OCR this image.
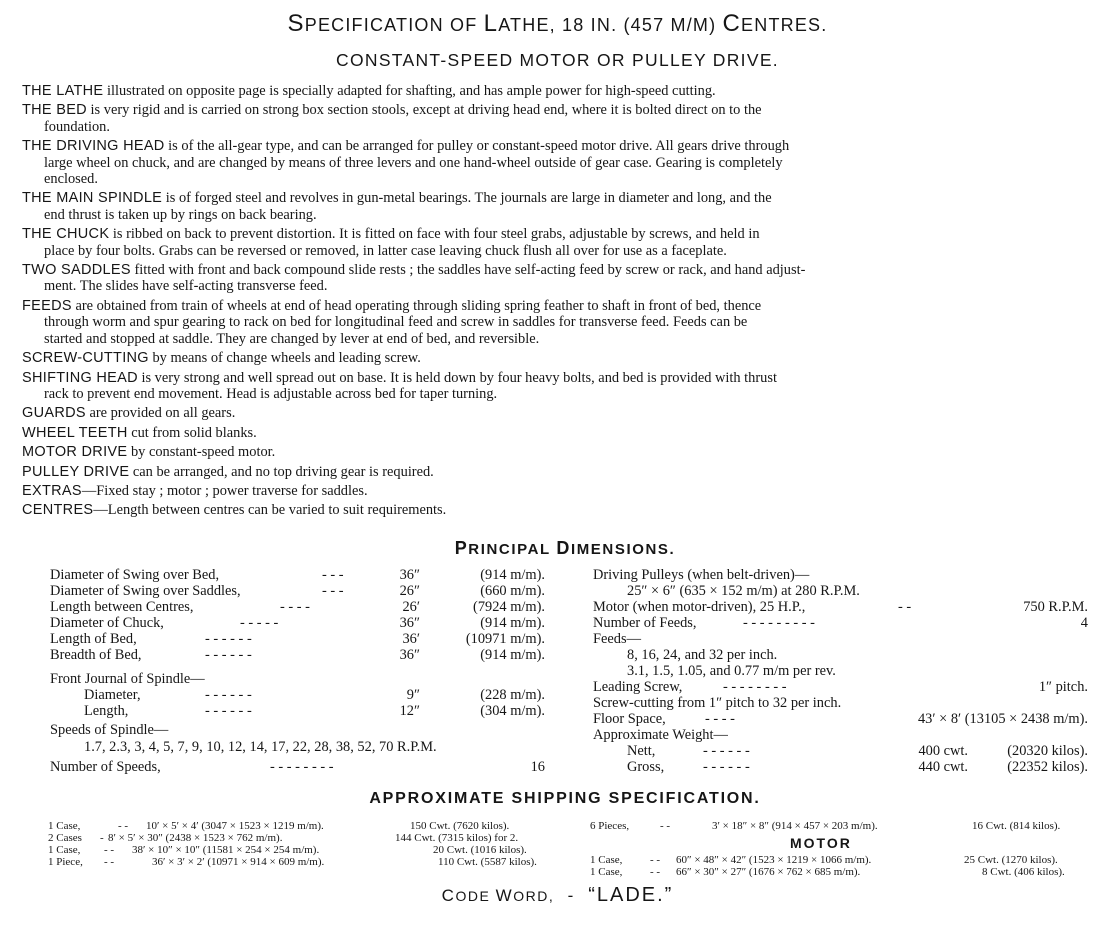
SPECIFICATION OF LATHE, 18 IN. (457 M/M) CENTRES.
CONSTANT-SPEED MOTOR OR PULLEY DRIVE.
THE LATHE illustrated on opposite page is specially adapted for shafting, and has ample power for high-speed cutting.
THE BED is very rigid and is carried on strong box section stools, except at driving head end, where it is bolted direct on to the
foundation.
THE DRIVING HEAD is of the all-gear type, and can be arranged for pulley or constant-speed motor drive. All gears drive through
large wheel on chuck, and are changed by means of three levers and one hand-wheel outside of gear case. Gearing is completely
enclosed.
THE MAIN SPINDLE is of forged steel and revolves in gun-metal bearings. The journals are large in diameter and long, and the
end thrust is taken up by rings on back bearing.
THE CHUCK is ribbed on back to prevent distortion. It is fitted on face with four steel grabs, adjustable by screws, and held in
place by four bolts. Grabs can be reversed or removed, in latter case leaving chuck flush all over for use as a faceplate.
TWO SADDLES fitted with front and back compound slide rests ; the saddles have self-acting feed by screw or rack, and hand adjust-
ment. The slides have self-acting transverse feed.
FEEDS are obtained from train of wheels at end of head operating through sliding spring feather to shaft in front of bed, thence
through worm and spur gearing to rack on bed for longitudinal feed and screw in saddles for transverse feed. Feeds can be
started and stopped at saddle. They are changed by lever at end of bed, and reversible.
SCREW-CUTTING by means of change wheels and leading screw.
SHIFTING HEAD is very strong and well spread out on base. It is held down by four heavy bolts, and bed is provided with thrust
rack to prevent end movement. Head is adjustable across bed for taper turning.
GUARDS are provided on all gears.
WHEEL TEETH cut from solid blanks.
MOTOR DRIVE by constant-speed motor.
PULLEY DRIVE can be arranged, and no top driving gear is required.
EXTRAS—Fixed stay ; motor ; power traverse for saddles.
CENTRES—Length between centres can be varied to suit requirements.
PRINCIPAL DIMENSIONS.
Diameter of Swing over Bed,	- - -	36″	(914 m/m).
Diameter of Swing over Saddles,	- - -	26″	(660 m/m).
Length between Centres,	- - - -	26′	(7924 m/m).
Diameter of Chuck,	- - - - -	36″	(914 m/m).
Length of Bed,	- - - - - -	36′	(10971 m/m).
Breadth of Bed,	- - - - - -	36″	(914 m/m).
Front Journal of Spindle—
Diameter,	- - - - - -	9″	(228 m/m).
Length,	- - - - - -	12″	(304 m/m).
Speeds of Spindle—
1.7, 2.3, 3, 4, 5, 7, 9, 10, 12, 14, 17, 22, 28, 38, 52, 70 R.P.M.
Number of Speeds,	- - - - - - - -	16
Driving Pulleys (when belt-driven)—
25″ × 6″ (635 × 152 m/m) at 280 R.P.M.
Motor (when motor-driven), 25 H.P.,	- -	750 R.P.M.
Number of Feeds,	- - - - - - - - -	4
Feeds—
8, 16, 24, and 32 per inch.
3.1, 1.5, 1.05, and 0.77 m/m per rev.
Leading Screw,	- - - - - - - -	1″ pitch.
Screw-cutting from 1″ pitch to 32 per inch.
Floor Space,	- - - -	43′ × 8′ (13105 × 2438 m/m).
Approximate Weight—
Nett,	- - - - - -	400 cwt.	(20320 kilos).
Gross,	- - - - - -	440 cwt.	(22352 kilos).
APPROXIMATE SHIPPING SPECIFICATION.
1 Case,	- - 10′ × 5′ × 4′ (3047 × 1523 × 1219 m/m).	150 Cwt. (7620 kilos).
2 Cases - 8′ × 5′ × 30″ (2438 × 1523 × 762 m/m).	144 Cwt. (7315 kilos) for 2.
1 Case, - - 38′ × 10″ × 10″ (11581 × 254 × 254 m/m).	20 Cwt. (1016 kilos).
1 Piece, - -	36′ × 3′ × 2′ (10971 × 914 × 609 m/m).	110 Cwt. (5587 kilos).
6 Pieces,	- -	3′ × 18″ × 8″ (914 × 457 × 203 m/m).	16 Cwt. (814 kilos).
MOTOR
1 Case,	- - 60″ × 48″ × 42″ (1523 × 1219 × 1066 m/m).	25 Cwt. (1270 kilos).
1 Case,	- - 66″ × 30″ × 27″ (1676 × 762 × 685 m/m).	8 Cwt. (406 kilos).
CODE WORD, - “LADE.”
